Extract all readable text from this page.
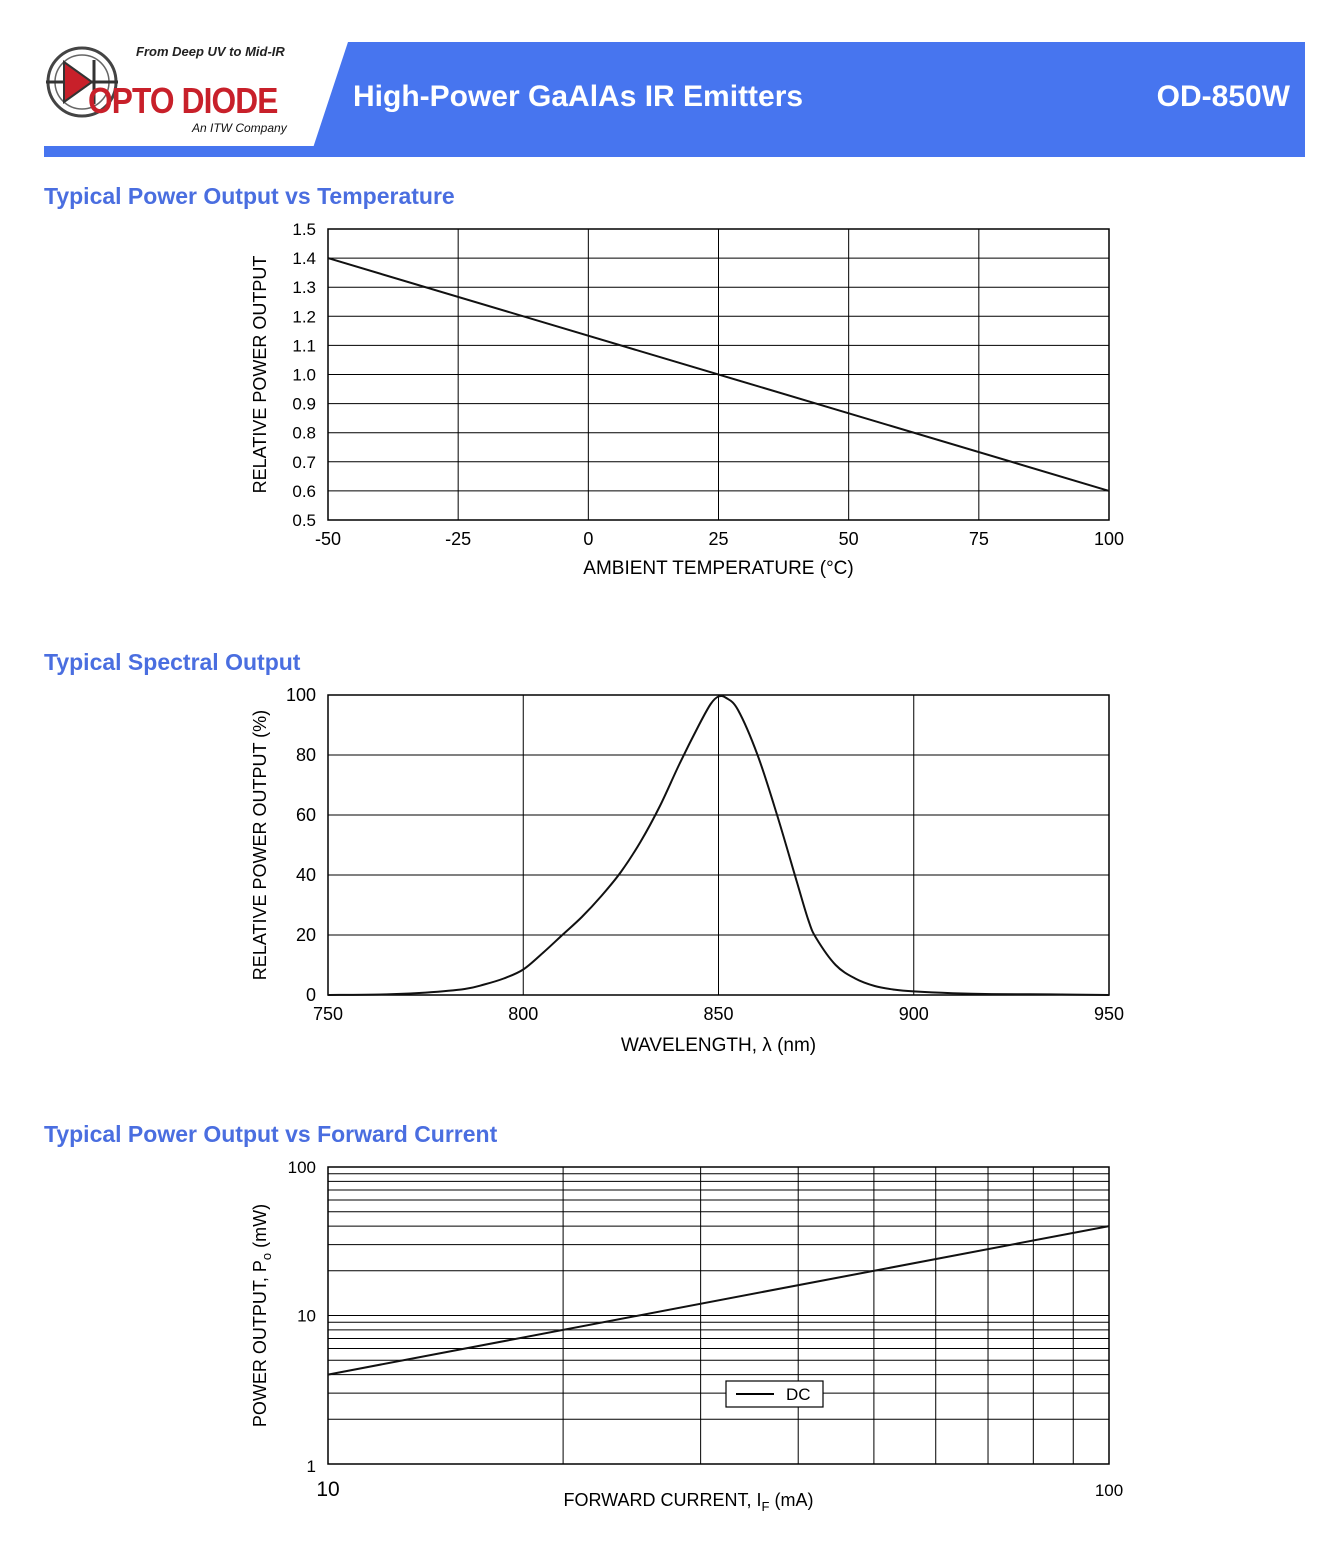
From Deep UV to Mid-IR
OPTO DIODE
An ITW Company
High-Power GaAlAs IR Emitters	OD-850W
Typical Power Output vs Temperature
Typical Spectral Output
Typical Power Output vs Forward Current
-50	-25	0	25	50	75	100
0.5
0.6
0.7
0.8
0.9
1.0
1.1
1.2
1.3
1.4
1.5
AMBIENT TEMPERATURE (°C)
RELATIVE POWER OUTPUT
750	800	850	900	950
0
20
40
60
80
100
WAVELENGTH, λ (nm)
RELATIVE POWER OUTPUT (%)
1
10
100
10	100
DC
FORWARD CURRENT, $I_F$ (mA)
POWER OUTPUT, $P_o$ (mW)
